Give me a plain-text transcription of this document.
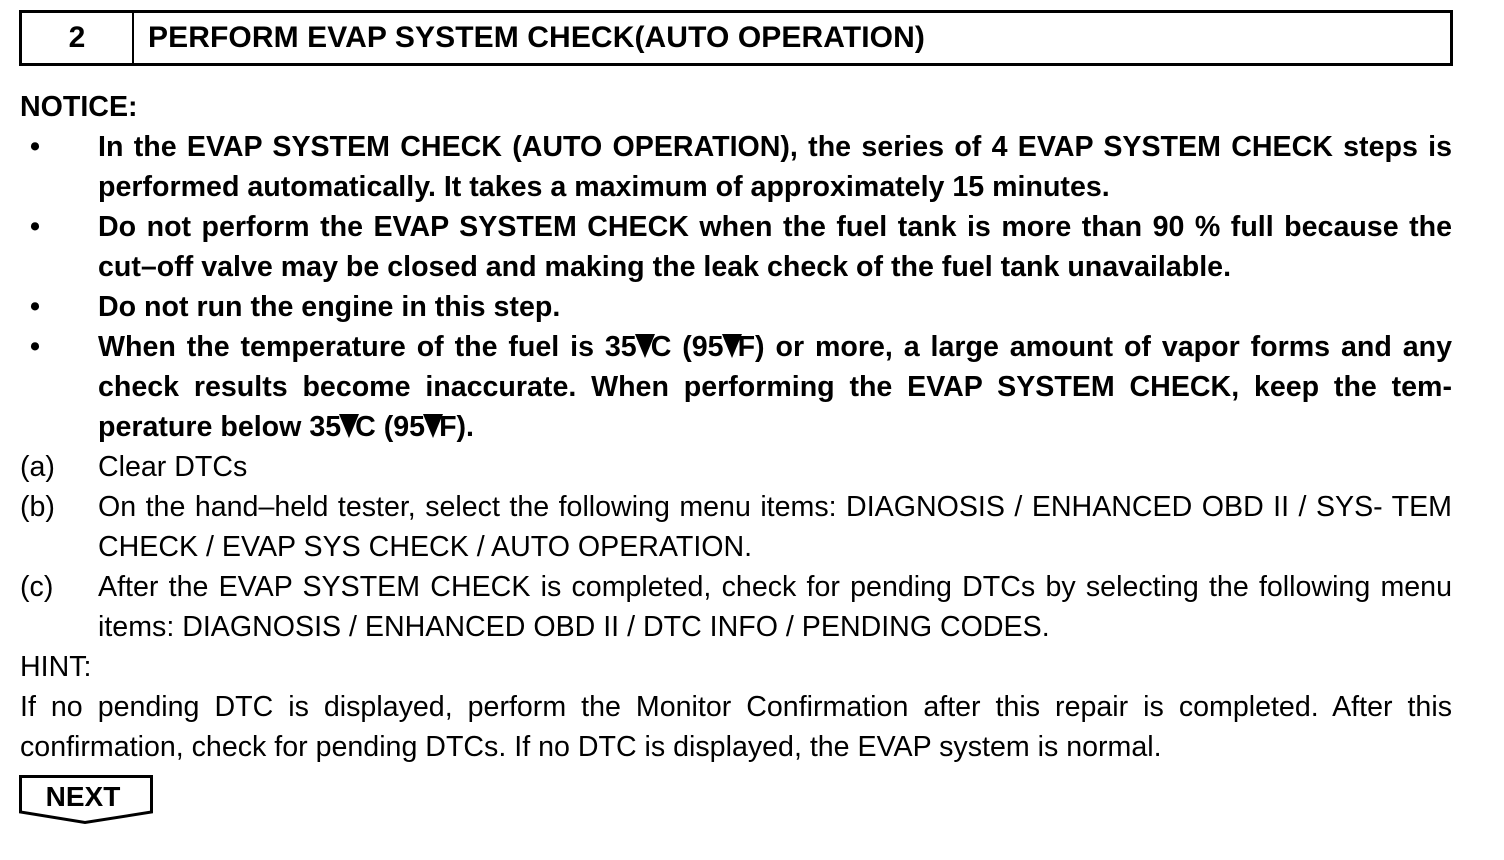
2	PERFORM EVAP SYSTEM CHECK(AUTO OPERATION)
NOTICE:
•	In the EVAP SYSTEM CHECK (AUTO OPERATION), the series of 4 EVAP SYSTEM CHECK steps is performed automatically. It takes a maximum of approximately 15 minutes.
•	Do not perform the EVAP SYSTEM CHECK when the fuel tank is more than 90 % full because the cut–off valve may be closed and making the leak check of the fuel tank unavailable.
•	Do not run the engine in this step.
•	When the temperature of the fuel is 35 C (95 F) or more, a large amount of vapor forms and any check results become inaccurate. When performing the EVAP SYSTEM CHECK, keep the tem- perature below 35 C (95 F).
(a)	Clear DTCs
(b)	On the hand–held tester, select the following menu items: DIAGNOSIS / ENHANCED OBD II / SYS- TEM CHECK / EVAP SYS CHECK / AUTO OPERATION.
(c)	After the EVAP SYSTEM CHECK is completed, check for pending DTCs by selecting the following menu items: DIAGNOSIS / ENHANCED OBD II / DTC INFO / PENDING CODES.
HINT:
If no pending DTC is displayed, perform the Monitor Confirmation after this repair is completed. After this confirmation, check for pending DTCs. If no DTC is displayed, the EVAP system is normal.
NEXT
